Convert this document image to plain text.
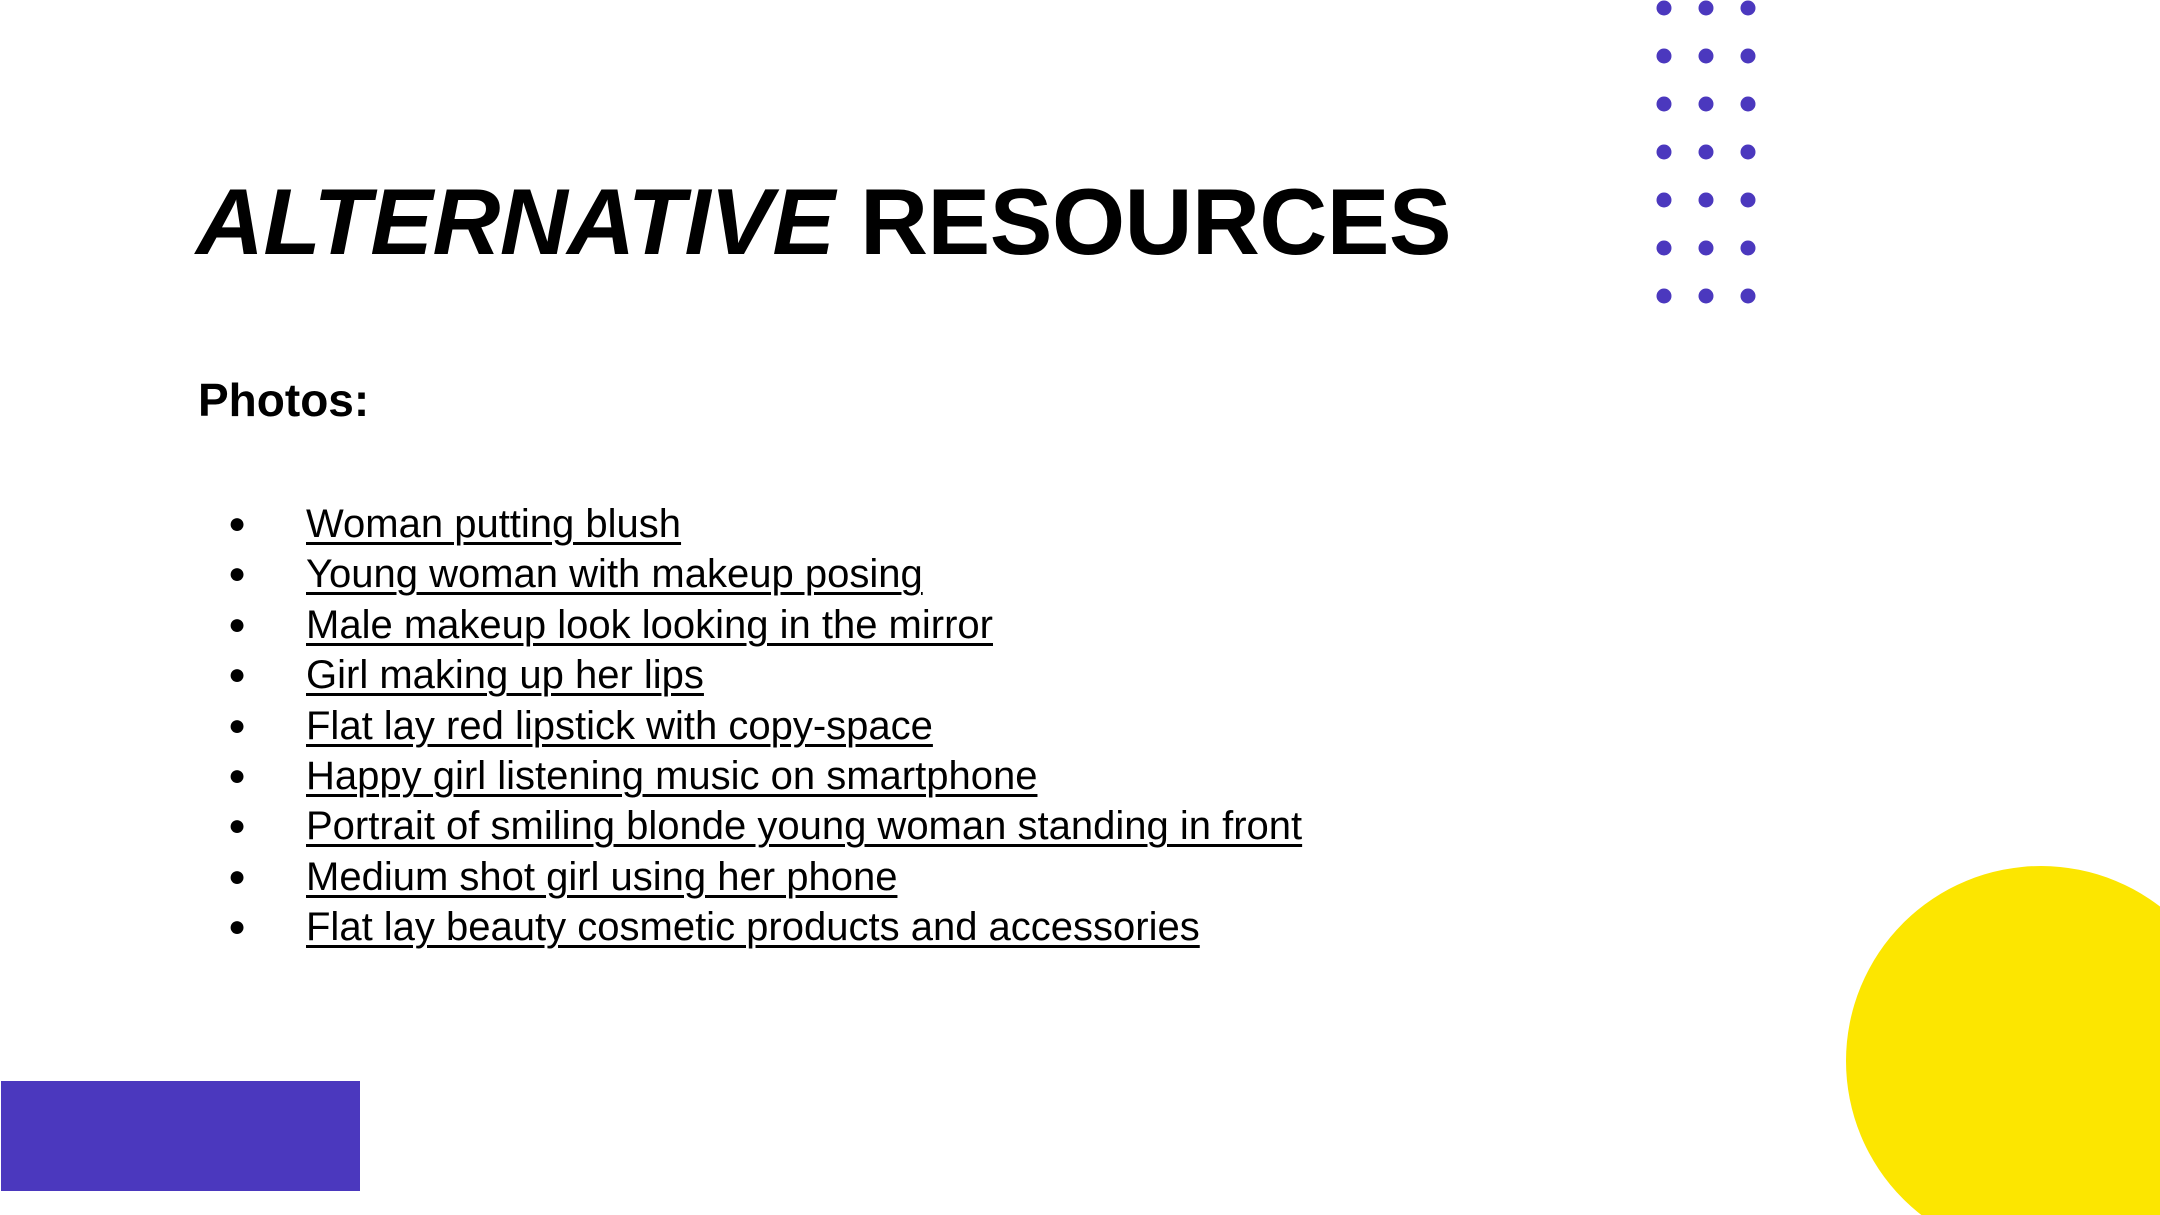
ALTERNATIVE RESOURCES
Photos:
● Woman putting blush
● Young woman with makeup posing
● Male makeup look looking in the mirror
● Girl making up her lips
● Flat lay red lipstick with copy-space
● Happy girl listening music on smartphone
● Portrait of smiling blonde young woman standing in front
● Medium shot girl using her phone
● Flat lay beauty cosmetic products and accessories
